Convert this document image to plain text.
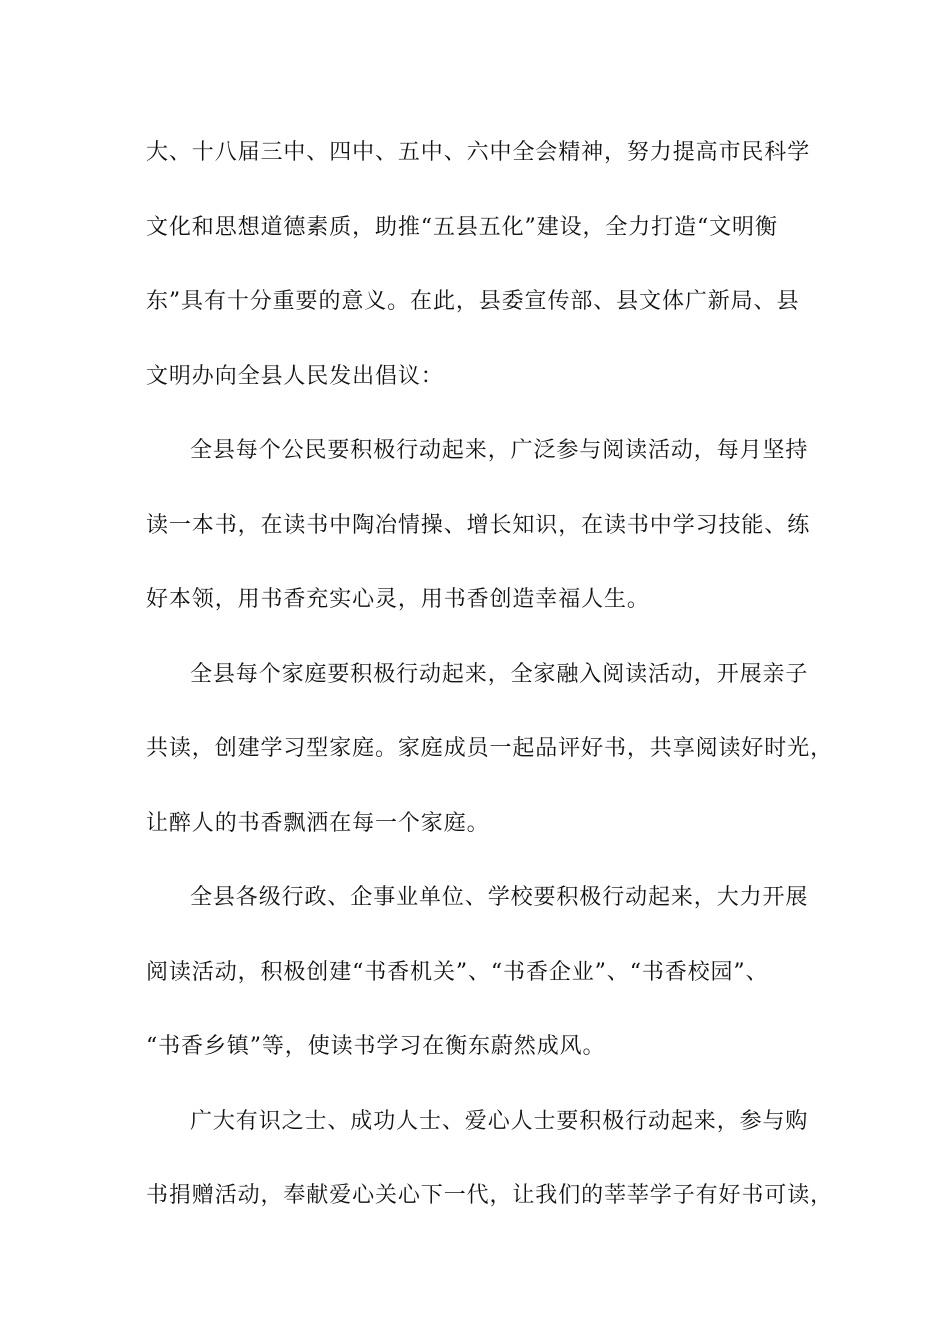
大、十八届三中、四中、五中、六中全会精神，努力提高市民科学
文化和思想道德素质，助推“五县五化”建设，全力打造“文明衡
东”具有十分重要的意义。在此，县委宣传部、县文体广新局、县
文明办向全县人民发出倡议：
全县每个公民要积极行动起来，广泛参与阅读活动，每月坚持
读一本书，在读书中陶冶情操、增长知识，在读书中学习技能、练
好本领，用书香充实心灵，用书香创造幸福人生。
全县每个家庭要积极行动起来，全家融入阅读活动，开展亲子
共读，创建学习型家庭。家庭成员一起品评好书，共享阅读好时光，
让醉人的书香飘洒在每一个家庭。
全县各级行政、企事业单位、学校要积极行动起来，大力开展
阅读活动，积极创建“书香机关”、“书香企业”、“书香校园”、
“书香乡镇”等，使读书学习在衡东蔚然成风。
广大有识之士、成功人士、爱心人士要积极行动起来，参与购
书捐赠活动，奉献爱心关心下一代，让我们的莘莘学子有好书可读，
